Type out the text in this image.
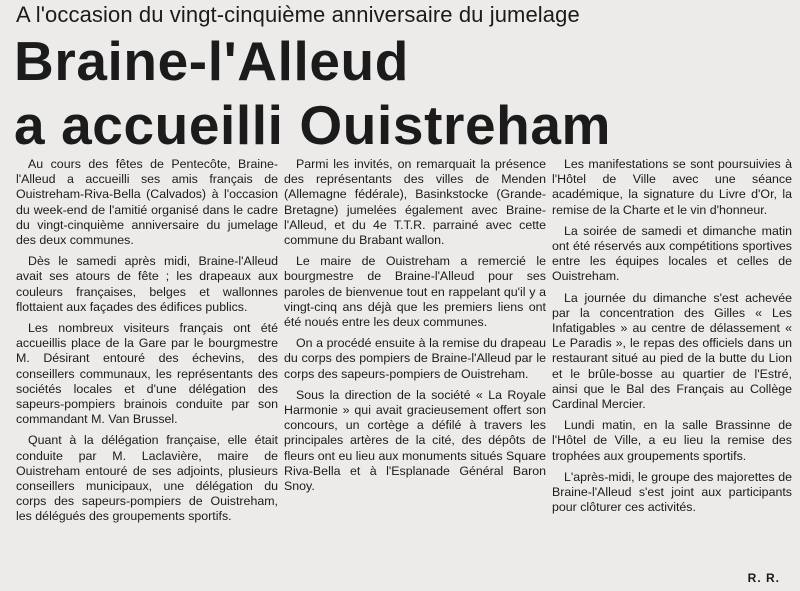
A l'occasion du vingt-cinquième anniversaire du jumelage
Braine-l'Alleud
a accueilli Ouistreham

Au cours des fêtes de Pentecôte, Braine-l'Alleud a accueilli ses amis français de Ouistreham-Riva-Bella (Calvados) à l'occasion du week-end de l'amitié organisé dans le cadre du vingt-cinquième anniversaire du jumelage des deux communes.

Dès le samedi après midi, Braine-l'Alleud avait ses atours de fête ; les drapeaux aux couleurs françaises, belges et wallonnes flottaient aux façades des édifices publics.

Les nombreux visiteurs français ont été accueillis place de la Gare par le bourgmestre M. Désirant entouré des échevins, des conseillers communaux, les représentants des sociétés locales et d'une délégation des sapeurs-pompiers brainois conduite par son commandant M. Van Brussel.

Quant à la délégation française, elle était conduite par M. Laclavière, maire de Ouistreham entouré de ses adjoints, plusieurs conseillers municipaux, une délégation du corps des sapeurs-pompiers de Ouistreham, les délégués des groupements sportifs.

Parmi les invités, on remarquait la présence des représentants des villes de Menden (Allemagne fédérale), Basinkstocke (Grande-Bretagne) jumelées également avec Braine-l'Alleud, et du 4e T.T.R. parrainé avec cette commune du Brabant wallon.

Le maire de Ouistreham a remercié le bourgmestre de Braine-l'Alleud pour ses paroles de bienvenue tout en rappelant qu'il y a vingt-cinq ans déjà que les premiers liens ont été noués entre les deux communes.

On a procédé ensuite à la remise du drapeau du corps des pompiers de Braine-l'Alleud par le corps des sapeurs-pompiers de Ouistreham.

Sous la direction de la société « La Royale Harmonie » qui avait gracieusement offert son concours, un cortège a défilé à travers les principales artères de la cité, des dépôts de fleurs ont eu lieu aux monuments situés Square Riva-Bella et à l'Esplanade Général Baron Snoy.

Les manifestations se sont poursuivies à l'Hôtel de Ville avec une séance académique, la signature du Livre d'Or, la remise de la Charte et le vin d'honneur.

La soirée de samedi et dimanche matin ont été réservés aux compétitions sportives entre les équipes locales et celles de Ouistreham.

La journée du dimanche s'est achevée par la concentration des Gilles « Les Infatigables » au centre de délassement « Le Paradis », le repas des officiels dans un restaurant situé au pied de la butte du Lion et le brûle-bosse au quartier de l'Estré, ainsi que le Bal des Français au Collège Cardinal Mercier.

Lundi matin, en la salle Brassinne de l'Hôtel de Ville, a eu lieu la remise des trophées aux groupements sportifs.

L'après-midi, le groupe des majorettes de Braine-l'Alleud s'est joint aux participants pour clôturer ces activités.

R. R.
